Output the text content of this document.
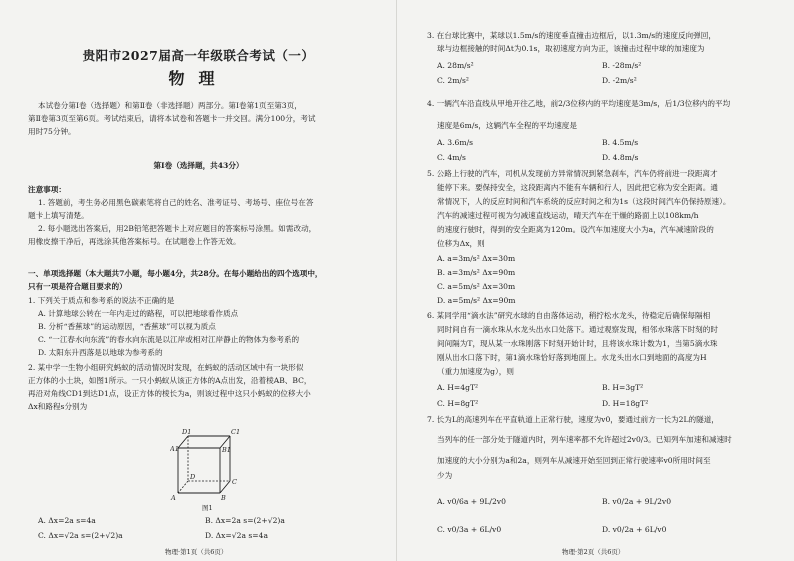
贵阳市2027届高一年级联合考试（一）
物理
本试卷分第Ⅰ卷（选择题）和第Ⅱ卷（非选择题）两部分。第Ⅰ卷第1页至第3页，
第Ⅱ卷第3页至第6页。考试结束后，请将本试卷和答题卡一并交回。满分100分，考试
用时75分钟。
第Ⅰ卷（选择题，共43分）
注意事项：
1. 答题前，考生务必用黑色碳素笔将自己的姓名、准考证号、考场号、座位号在答
题卡上填写清楚。
2. 每小题选出答案后，用2B铅笔把答题卡上对应题目的答案标号涂黑。如需改动，
用橡皮擦干净后，再选涂其他答案标号。在试题卷上作答无效。
一、单项选择题（本大题共7小题，每小题4分，共28分。在每小题给出的四个选项中，
只有一项是符合题目要求的）
1. 下列关于质点和参考系的说法不正确的是
A. 计算地球公转在一年内走过的路程，可以把地球看作质点
B. 分析“香蕉球”的运动原因，“香蕉球”可以视为质点
C. “一江春水向东流”的春水向东流是以江岸或相对江岸静止的物体为参考系的
D. 太阳东升西落是以地球为参考系的
2. 某中学一生物小组研究蚂蚁的活动情况时发现，在蚂蚁的活动区域中有一块形似
正方体的小土块，如图1所示。一只小蚂蚁从该正方体的A点出发，沿着棱AB、BC，
再沿对角线CD1到达D1点，设正方体的棱长为a，则该过程中这只小蚂蚁的位移大小
Δx和路程s分别为
D1	C1
A1	B1
D
C
A	B
图1
A. Δx=2a s=4a	B. Δx=2a s=(2+√2)a
C. Δx=√2a s=(2+√2)a	D. Δx=√2a s=4a
物理·第1页（共6页）
3. 在台球比赛中，某球以1.5m/s的速度垂直撞击边框后，以1.3m/s的速度反向弹回，
球与边框接触的时间Δt为0.1s，取初速度方向为正，该撞击过程中球的加速度为
A. 28m/s²	B. -28m/s²
C. 2m/s²	D. -2m/s²
4. 一辆汽车沿直线从甲地开往乙地，前2/3位移内的平均速度是3m/s，后1/3位移内的平均
速度是6m/s，这辆汽车全程的平均速度是
A. 3.6m/s	B. 4.5m/s
C. 4m/s	D. 4.8m/s
5. 公路上行驶的汽车，司机从发现前方异常情况到紧急刹车，汽车仍将前进一段距离才
能停下来。要保持安全，这段距离内不能有车辆和行人，因此把它称为安全距离。通
常情况下，人的反应时间和汽车系统的反应时间之和为1s（这段时间汽车仍保持原速）。
汽车的减速过程可视为匀减速直线运动，晴天汽车在干燥的路面上以108km/h
的速度行驶时，得到的安全距离为120m。设汽车加速度大小为a，汽车减速阶段的
位移为Δx，则
A. a=3m/s² Δx=30m
B. a=3m/s² Δx=90m
C. a=5m/s² Δx=30m
D. a=5m/s² Δx=90m
6. 某同学用“滴水法”研究水球的自由落体运动，稍拧松水龙头，待稳定后确保每隔相
同时间自有一滴水珠从水龙头出水口处落下。通过观察发现，相邻水珠落下时刻的时
间间隔为T，现从某一水珠刚落下时刻开始计时，且将该水珠计数为1，当第5滴水珠
刚从出水口落下时，第1滴水珠恰好落到地面上。水龙头出水口到地面的高度为H
（重力加速度为g），则
A. H=4gT²	B. H=3gT²
C. H=8gT²	D. H=18gT²
7. 长为L的高速列车在平直轨道上正常行驶，速度为v0，要通过前方一长为2L的隧道，
当列车的任一部分处于隧道内时，列车速率都不允许超过2v0/3。已知列车加速和减速时
加速度的大小分别为a和2a，则列车从减速开始至回到正常行驶速率v0所用时间至
少为
A. v0/6a + 9L/2v0	B. v0/2a + 9L/2v0
C. v0/3a + 6L/v0	D. v0/2a + 6L/v0
物理·第2页（共6页）
